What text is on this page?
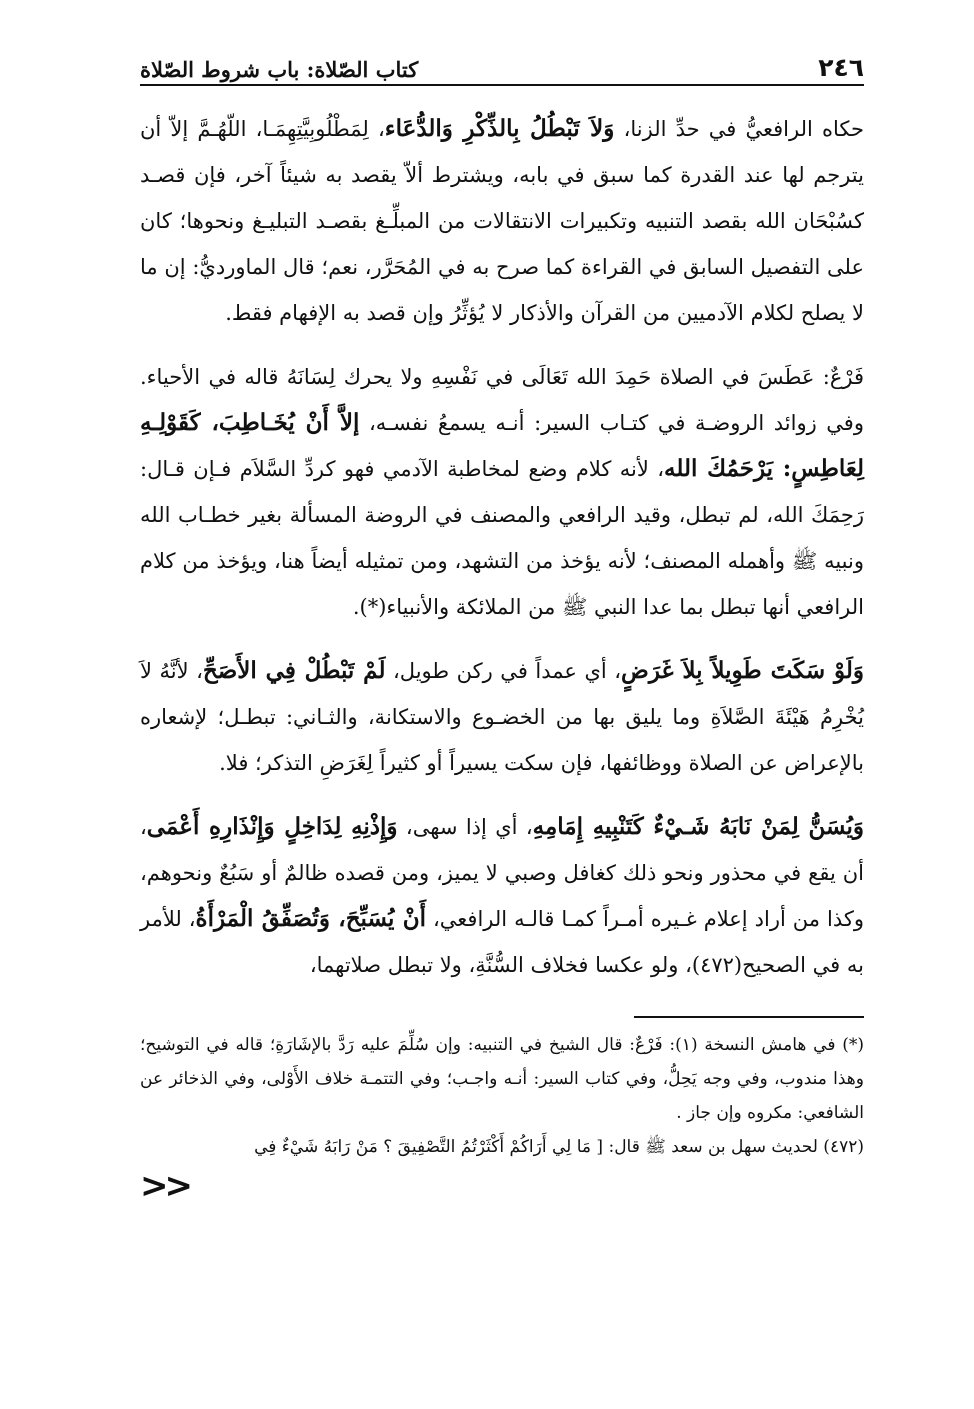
٢٤٦
كتاب الصّلاة: باب شروط الصّلاة

حكاه الرافعيُّ في حدِّ الزنا، وَلاَ تَبْطُلُ بِالذِّكْرِ وَالدُّعَاء، لِمَطْلُوبِيَّتِهِمَـا، اللّهُـمَّ إلاّ أن يترجم لها عند القدرة كما سبق في بابه، ويشترط ألاّ يقصد به شيئاً آخر، فإن قصـد كسُبْحَان الله بقصد التنبيه وتكبيرات الانتقالات من المبلِّـغ بقصـد التبليـغ ونحوها؛ كان على التفصيل السابق في القراءة كما صرح به في المُحَرَّر، نعم؛ قال الماورديُّ: إن ما لا يصلح لكلام الآدميين من القرآن والأذكار لا يُؤثِّرُ وإن قصد به الإفهام فقط.

فَرْعٌ: عَطَسَ في الصلاة حَمِدَ الله تَعَالَى في نَفْسِهِ ولا يحرك لِسَانَهُ قاله في الأحياء. وفي زوائد الروضـة في كتـاب السير: أنـه يسمعُ نفسـه، إلاَّ أَنْ يُخَـاطِبَ، كَقَوْلِـهِ لِعَاطِسٍ: يَرْحَمُكَ الله، لأنه كلام وضع لمخاطبة الآدمي فهو كردِّ السَّلاَم فـإن قـال: رَحِمَكَ الله، لم تبطل، وقيد الرافعي والمصنف في الروضة المسألة بغير خطـاب الله ونبيه ﷺ وأهمله المصنف؛ لأنه يؤخذ من التشهد، ومن تمثيله أيضاً هنا، ويؤخذ من كلام الرافعي أنها تبطل بما عدا النبي ﷺ من الملائكة والأنبياء(*).

وَلَوْ سَكَتَ طَوِيلاً بِلاَ غَرَضٍ، أي عمداً في ركن طويل، لَمْ تَبْطُلْ فِي الأَصَحِّ، لأنَّهُ لاَ يُخْرِمُ هَيْئَةَ الصَّلاَةِ وما يليق بها من الخضـوع والاستكانة، والثـاني: تبطـل؛ لإشعاره بالإعراض عن الصلاة ووظائفها، فإن سكت يسيراً أو كثيراً لِغَرَضِ التذكر؛ فلا.

وَيُسَنُّ لِمَنْ نَابَهُ شَـيْءٌ كَتَنْبِيهِ إِمَامِهِ، أي إذا سهى، وَإِذْنِهِ لِدَاخِلٍ وَإِنْذَارِهِ أَعْمَى، أن يقع في محذور ونحو ذلك كغافل وصبي لا يميز، ومن قصده ظالمٌ أو سَبُعٌ ونحوهم، وكذا من أراد إعلام غـيره أمـراً كمـا قالـه الرافعي، أَنْ يُسَبِّحَ، وَتُصَفِّقُ الْمَرْأَةُ، للأمر به في الصحيح(٤٧٢)، ولو عكسا فخلاف السُّنَّةِ، ولا تبطل صلاتهما،

(*) في هامش النسخة (١): فَرْعٌ: قال الشيخ في التنبيه: وإن سُلِّمَ عليه رَدَّ بالإشَارَةِ؛ قاله في التوشيح؛ وهذا مندوب، وفي وجه يَحِلُّ، وفي كتاب السير: أنـه واجـب؛ وفي التتمـة خلاف الأَوْلى، وفي الذخائر عن الشافعي: مكروه وإن جاز .

(٤٧٢) لحديث سهل بن سعد ﷺ قال: [ مَا لِي أَرَاكُمْ أَكْثَرْتُمُ التَّصْفِيقَ ؟ مَنْ رَابَهُ شَيْءٌ فِي

>>
